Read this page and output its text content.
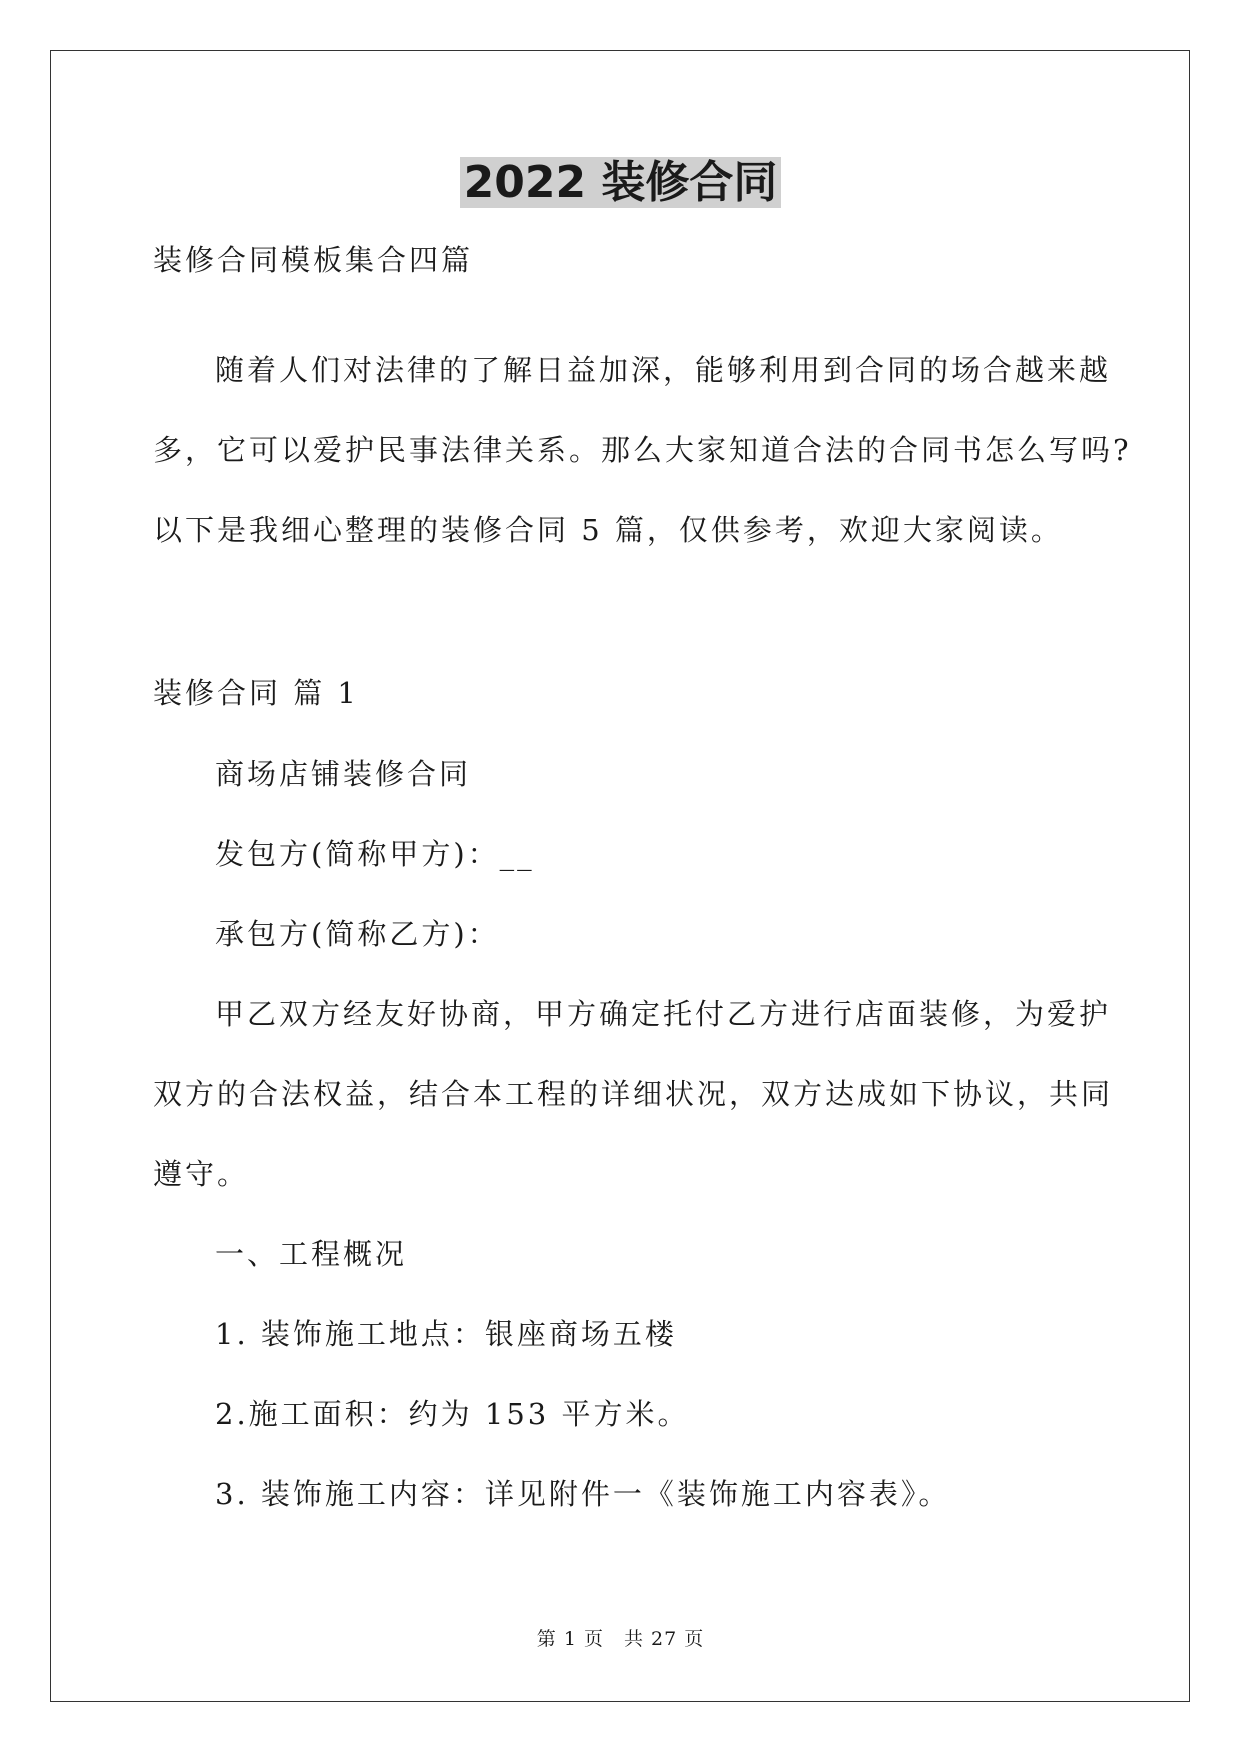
2022 装修合同
装修合同模板集合四篇
随着人们对法律的了解日益加深，能够利用到合同的场合越来越
多，它可以爱护民事法律关系。那么大家知道合法的合同书怎么写吗?
以下是我细心整理的装修合同 5 篇，仅供参考，欢迎大家阅读。
装修合同 篇 1
商场店铺装修合同
发包方(简称甲方)：__
承包方(简称乙方)：
甲乙双方经友好协商，甲方确定托付乙方进行店面装修，为爱护
双方的合法权益，结合本工程的详细状况，双方达成如下协议，共同
遵守。
一、工程概况
1. 装饰施工地点：银座商场五楼
2.施工面积：约为 153 平方米。
3. 装饰施工内容：详见附件一《装饰施工内容表》。
第 1 页　共 27 页
